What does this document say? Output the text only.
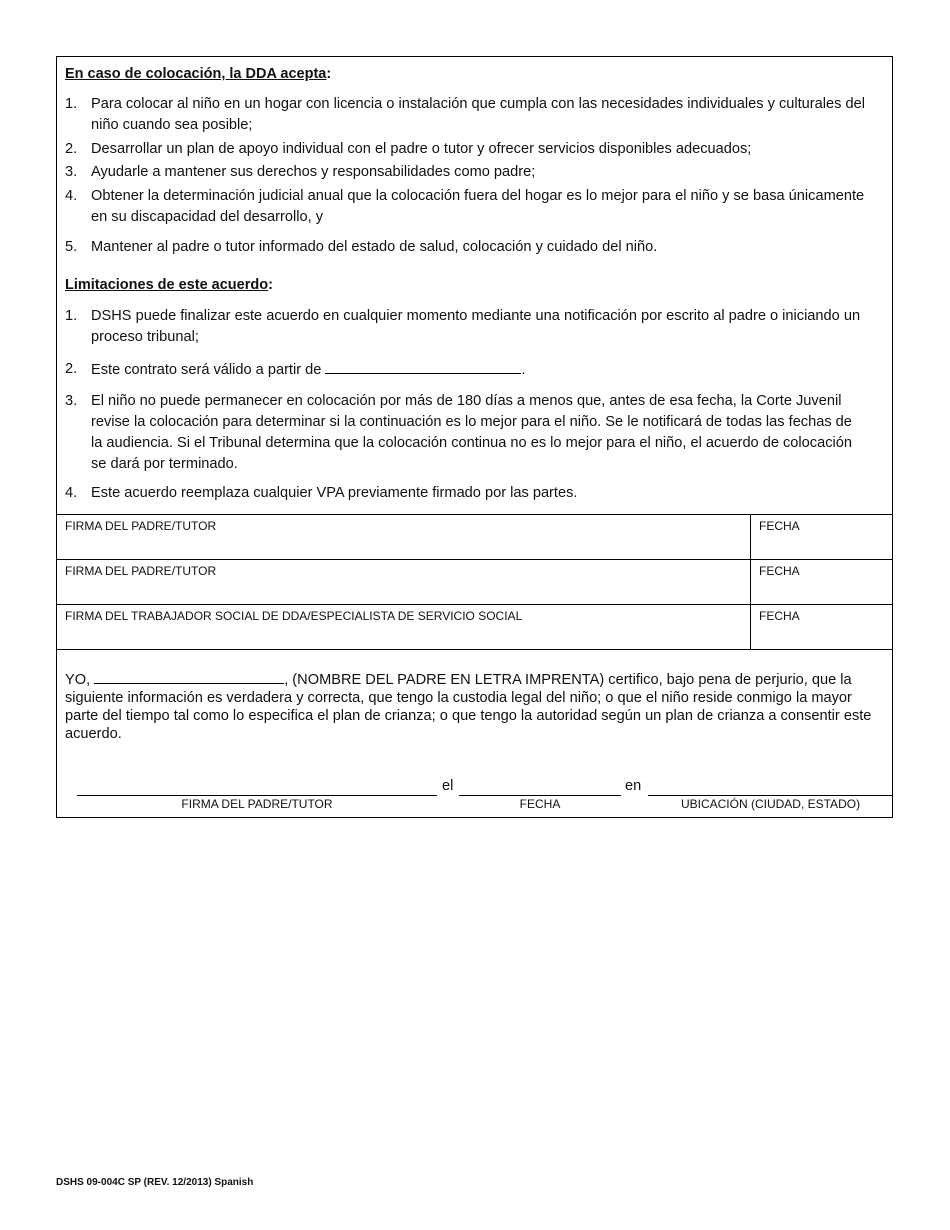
En caso de colocación, la DDA acepta:
1. Para colocar al niño en un hogar con licencia o instalación que cumpla con las necesidades individuales y culturales del niño cuando sea posible;
2. Desarrollar un plan de apoyo individual con el padre o tutor y ofrecer servicios disponibles adecuados;
3. Ayudarle a mantener sus derechos y responsabilidades como padre;
4. Obtener la determinación judicial anual que la colocación fuera del hogar es lo mejor para el niño y se basa únicamente en su discapacidad del desarrollo, y
5. Mantener al padre o tutor informado del estado de salud, colocación y cuidado del niño.
Limitaciones de este acuerdo:
1. DSHS puede finalizar este acuerdo en cualquier momento mediante una notificación por escrito al padre o iniciando un proceso tribunal;
2. Este contrato será válido a partir de	.
3. El niño no puede permanecer en colocación por más de 180 días a menos que, antes de esa fecha, la Corte Juvenil revise la colocación para determinar si la continuación es lo mejor para el niño. Se le notificará de todas las fechas de la audiencia. Si el Tribunal determina que la colocación continua no es lo mejor para el niño, el acuerdo de colocación se dará por terminado.
4. Este acuerdo reemplaza cualquier VPA previamente firmado por las partes.
FIRMA DEL PADRE/TUTOR	FECHA
FIRMA DEL PADRE/TUTOR	FECHA
FIRMA DEL TRABAJADOR SOCIAL DE DDA/ESPECIALISTA DE SERVICIO SOCIAL	FECHA
YO,	, (NOMBRE DEL PADRE EN LETRA IMPRENTA) certifico, bajo pena de perjurio, que la siguiente información es verdadera y correcta, que tengo la custodia legal del niño; o que el niño reside conmigo la mayor parte del tiempo tal como lo especifica el plan de crianza; o que tengo la autoridad según un plan de crianza a consentir este acuerdo.
el	en
FIRMA DEL PADRE/TUTOR	FECHA	UBICACIÓN (CIUDAD, ESTADO)
DSHS 09-004C SP (REV. 12/2013) Spanish
